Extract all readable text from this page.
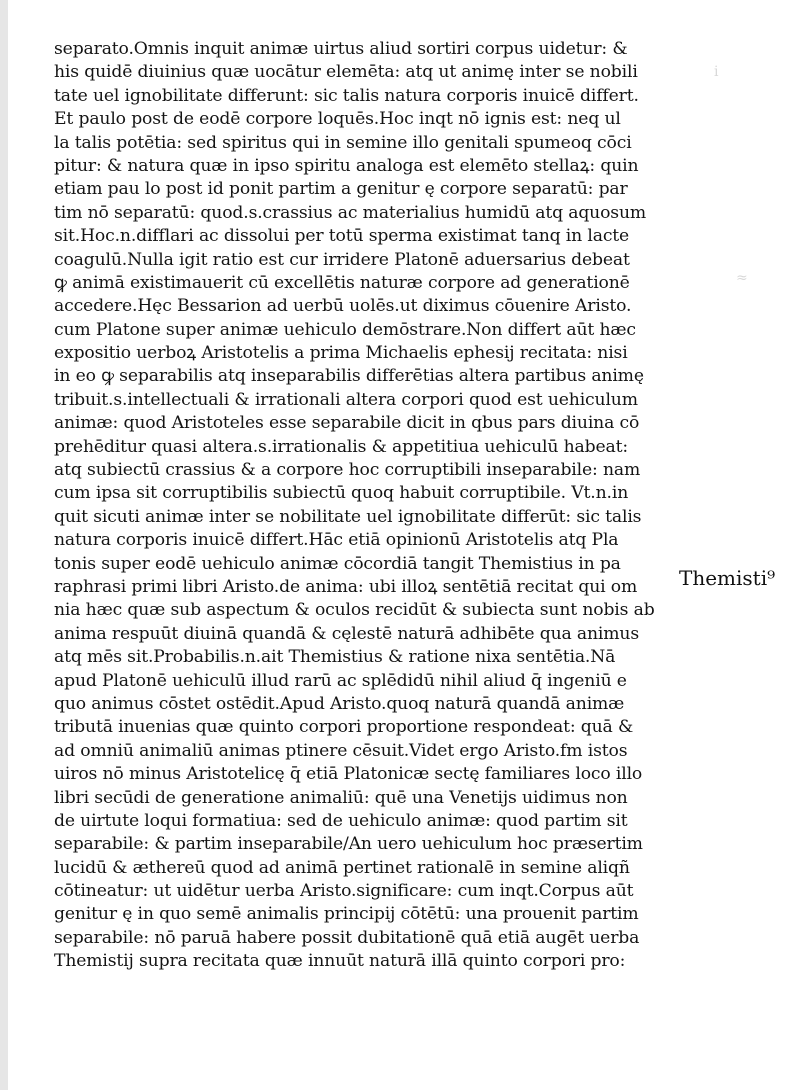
ⅰ
≈
separato.Omnis inquit animæ uirtus aliud sortiri corpus uidetur: &
his quidē diuinius quæ uocātur elemēta: atq ut animę inter se nobili
tate uel ignobilitate differunt: sic talis natura corporis inuicē differt.
Et paulo post de eodē corpore loquēs.Hoc inqt nō ignis est: neq ul
la talis potētia: sed spiritus qui in semine illo genitali spumeoq cōci
pitur: & natura quæ in ipso spiritu analoga est elemēto stellaꝝ: quin
etiam pau lo post id ponit partim a genitur ę corpore separatū: par
tim nō separatū: quod.s.crassius ac materialius humidū atq aquosum
sit.Hoc.n.difflari ac dissolui per totū sperma existimat tanq in lacte
coagulū.Nulla igit ratio est cur irridere Platonē aduersarius debeat
ꝙ animā existimauerit cū excellētis naturæ corpore ad generationē
accedere.Hęc Bessarion ad uerbū uolēs.ut diximus cōuenire Aristo.
cum Platone super animæ uehiculo demōstrare.Non differt aūt hæc
expositio uerboꝝ Aristotelis a prima Michaelis ephesij recitata: nisi
in eo ꝙ separabilis atq inseparabilis differētias altera partibus animę
tribuit.s.intellectuali & irrationali altera corpori quod est uehiculum
animæ: quod Aristoteles esse separabile dicit in qbus pars diuina cō
prehēditur quasi altera.s.irrationalis & appetitiua uehiculū habeat:
atq subiectū crassius & a corpore hoc corruptibili inseparabile: nam
cum ipsa sit corruptibilis subiectū quoq habuit corruptibile. Vt.n.in
quit sicuti animæ inter se nobilitate uel ignobilitate differūt: sic talis
natura corporis inuicē differt.Hāc etiā opinionū Aristotelis atq Pla
tonis super eodē uehiculo animæ cōcordiā tangit Themistius in pa
raphrasi primi libri Aristo.de anima: ubi illoꝝ sentētiā recitat qui om
nia hæc quæ sub aspectum & oculos recidūt & subiecta sunt nobis ab
anima respuūt diuinā quandā & cęlestē naturā adhibēte qua animus
atq mēs sit.Probabilis.n.ait Themistius & ratione nixa sentētia.Nā
apud Platonē uehiculū illud rarū ac splēdidū nihil aliud q̄ ingeniū e
quo animus cōstet ostēdit.Apud Aristo.quoq naturā quandā animæ
tributā inuenias quæ quinto corpori proportione respondeat: quā &
ad omniū animaliū animas ptinere cēsuit.Videt ergo Aristo.fm istos
uiros nō minus Aristotelicę q̄ etiā Platonicæ sectę familiares loco illo
libri secūdi de generatione animaliū: quē una Venetijs uidimus non
de uirtute loqui formatiua: sed de uehiculo animæ: quod partim sit
separabile: & partim inseparabile/An uero uehiculum hoc præsertim
lucidū & æthereū quod ad animā pertinet rationalē in semine aliqñ
cōtineatur: ut uidētur uerba Aristo.significare: cum inqt.Corpus aūt
genitur ę in quo semē animalis principij cōtētū: una prouenit partim
separabile: nō paruā habere possit dubitationē quā etiā augēt uerba
Themistij supra recitata quæ innuūt naturā illā quinto corpori pro:
Themisti⁹
